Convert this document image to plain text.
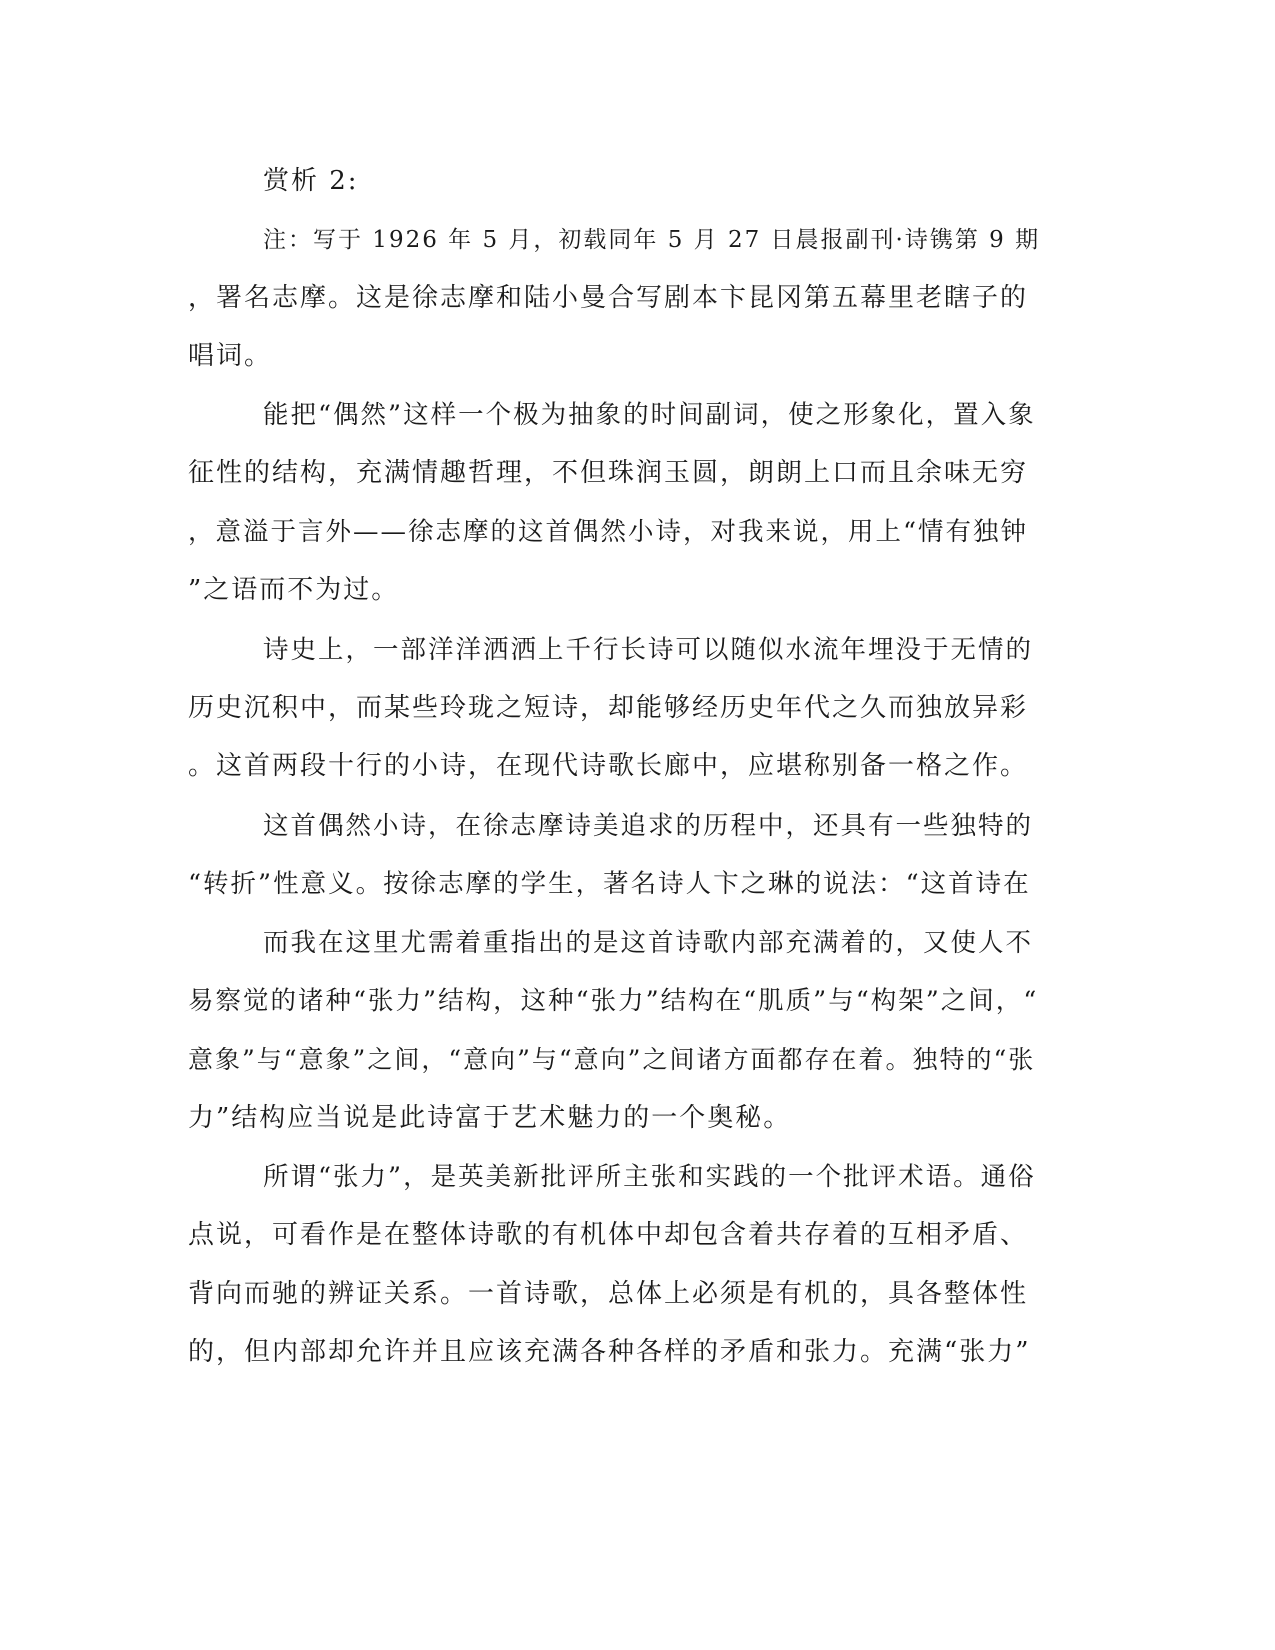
赏析 2:
注：写于 1926 年 5 月，初载同年 5 月 27 日晨报副刊·诗镌第 9 期
，署名志摩。这是徐志摩和陆小曼合写剧本卞昆冈第五幕里老瞎子的
唱词。
能把“偶然”这样一个极为抽象的时间副词，使之形象化，置入象
征性的结构，充满情趣哲理，不但珠润玉圆，朗朗上口而且余味无穷
，意溢于言外——徐志摩的这首偶然小诗，对我来说，用上“情有独钟
”之语而不为过。
诗史上，一部洋洋洒洒上千行长诗可以随似水流年埋没于无情的
历史沉积中，而某些玲珑之短诗，却能够经历史年代之久而独放异彩
。这首两段十行的小诗，在现代诗歌长廊中，应堪称别备一格之作。
这首偶然小诗，在徐志摩诗美追求的历程中，还具有一些独特的
“转折”性意义。按徐志摩的学生，著名诗人卞之琳的说法：“这首诗在
而我在这里尤需着重指出的是这首诗歌内部充满着的，又使人不
易察觉的诸种“张力”结构，这种“张力”结构在“肌质”与“构架”之间，“
意象”与“意象”之间，“意向”与“意向”之间诸方面都存在着。独特的“张
力”结构应当说是此诗富于艺术魅力的一个奥秘。
所谓“张力”，是英美新批评所主张和实践的一个批评术语。通俗
点说，可看作是在整体诗歌的有机体中却包含着共存着的互相矛盾、
背向而驰的辨证关系。一首诗歌，总体上必须是有机的，具各整体性
的，但内部却允许并且应该充满各种各样的矛盾和张力。充满“张力”
